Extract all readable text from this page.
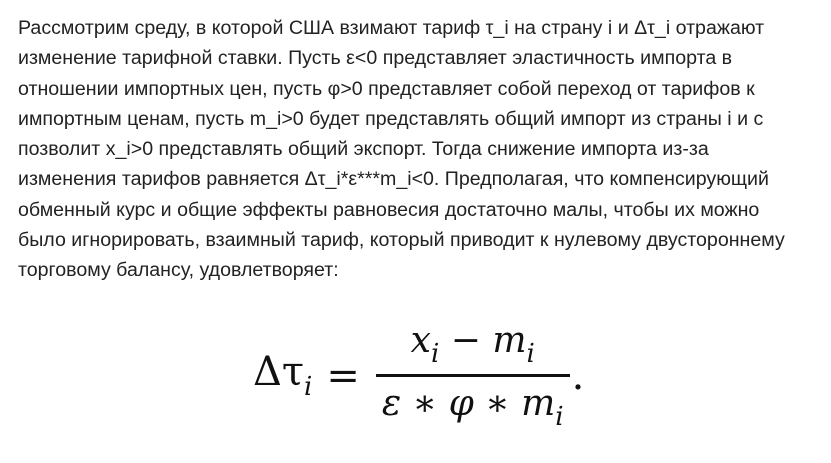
Рассмотрим среду, в которой США взимают тариф τ_i на страну i и Δτ_i отражают
изменение тарифной ставки. Пусть ε<0 представляет эластичность импорта в
отношении импортных цен, пусть φ>0 представляет собой переход от тарифов к
импортным ценам, пусть m_i>0 будет представлять общий импорт из страны i и с
позволит x_i>0 представлять общий экспорт. Тогда снижение импорта из-за
изменения тарифов равняется Δτ_i*ε***m_i<0. Предполагая, что компенсирующий
обменный курс и общие эффекты равновесия достаточно малы, чтобы их можно
было игнорировать, взаимный тариф, который приводит к нулевому двустороннему
торговому балансу, удовлетворяет:
$\Delta\tau_i = \frac{x_i - m_i}{\varepsilon ∗ \varphi ∗ m_i}$ .
